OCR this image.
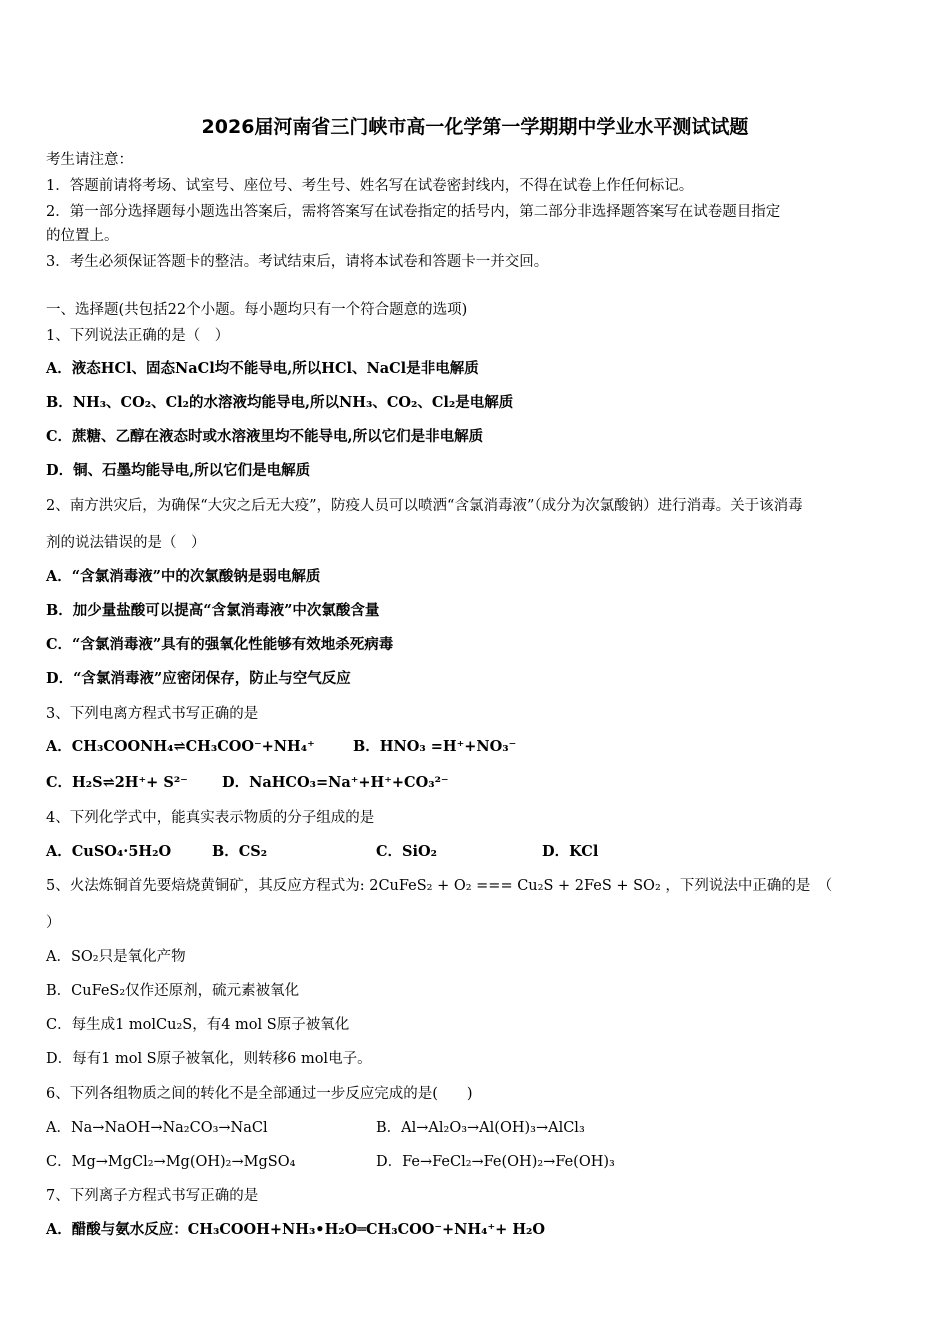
2026届河南省三门峡市高一化学第一学期期中学业水平测试试题
考生请注意：
1．答题前请将考场、试室号、座位号、考生号、姓名写在试卷密封线内，不得在试卷上作任何标记。
2．第一部分选择题每小题选出答案后，需将答案写在试卷指定的括号内，第二部分非选择题答案写在试卷题目指定
的位置上。
3．考生必须保证答题卡的整洁。考试结束后，请将本试卷和答题卡一并交回。
一、选择题(共包括22个小题。每小题均只有一个符合题意的选项)
1、下列说法正确的是（　）
A．液态HCl、固态NaCl均不能导电,所以HCl、NaCl是非电解质
B．NH₃、CO₂、Cl₂的水溶液均能导电,所以NH₃、CO₂、Cl₂是电解质
C．蔗糖、乙醇在液态时或水溶液里均不能导电,所以它们是非电解质
D．铜、石墨均能导电,所以它们是电解质
2、南方洪灾后，为确保“大灾之后无大疫”，防疫人员可以喷洒“含氯消毒液”（成分为次氯酸钠）进行消毒。关于该消毒
剂的说法错误的是（　）
A．“含氯消毒液”中的次氯酸钠是弱电解质
B．加少量盐酸可以提高“含氯消毒液”中次氯酸含量
C．“含氯消毒液”具有的强氧化性能够有效地杀死病毒
D．“含氯消毒液”应密闭保存，防止与空气反应
3、下列电离方程式书写正确的是
A．CH₃COONH₄⇌CH₃COO⁻+NH₄⁺	B．HNO₃ =H⁺+NO₃⁻
C．H₂S⇌2H⁺+ S²⁻ D．NaHCO₃=Na⁺+H⁺+CO₃²⁻
4、下列化学式中，能真实表示物质的分子组成的是
A．CuSO₄·5H₂O	B．CS₂	C．SiO₂	D．KCl
5、火法炼铜首先要焙烧黄铜矿，其反应方程式为: 2CuFeS₂ + O₂ === Cu₂S + 2FeS + SO₂ ，下列说法中正确的是　（
）
A．SO₂只是氧化产物
B．CuFeS₂仅作还原剂，硫元素被氧化
C．每生成1 molCu₂S，有4 mol S原子被氧化
D．每有1 mol S原子被氧化，则转移6 mol电子。
6、下列各组物质之间的转化不是全部通过一步反应完成的是(　　)
A．Na→NaOH→Na₂CO₃→NaCl	B．Al→Al₂O₃→Al(OH)₃→AlCl₃
C．Mg→MgCl₂→Mg(OH)₂→MgSO₄	D．Fe→FeCl₂→Fe(OH)₂→Fe(OH)₃
7、下列离子方程式书写正确的是
A．醋酸与氨水反应：CH₃COOH+NH₃•H₂O═CH₃COO⁻+NH₄⁺+ H₂O
